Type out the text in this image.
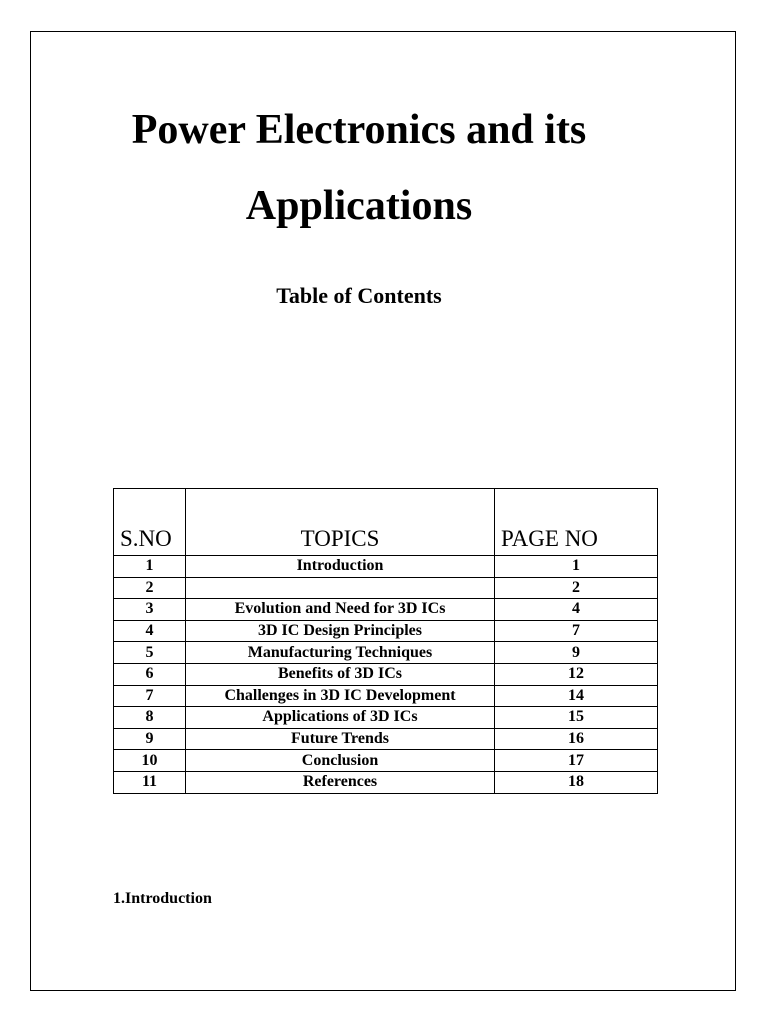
Power Electronics and its
Applications
Table of Contents
S.NO	TOPICS	PAGE NO
1	Introduction	1
2		2
3	Evolution and Need for 3D ICs	4
4	3D IC Design Principles	7
5	Manufacturing Techniques	9
6	Benefits of 3D ICs	12
7	Challenges in 3D IC Development	14
8	Applications of 3D ICs	15
9	Future Trends	16
10	Conclusion	17
11	References	18

1.Introduction
